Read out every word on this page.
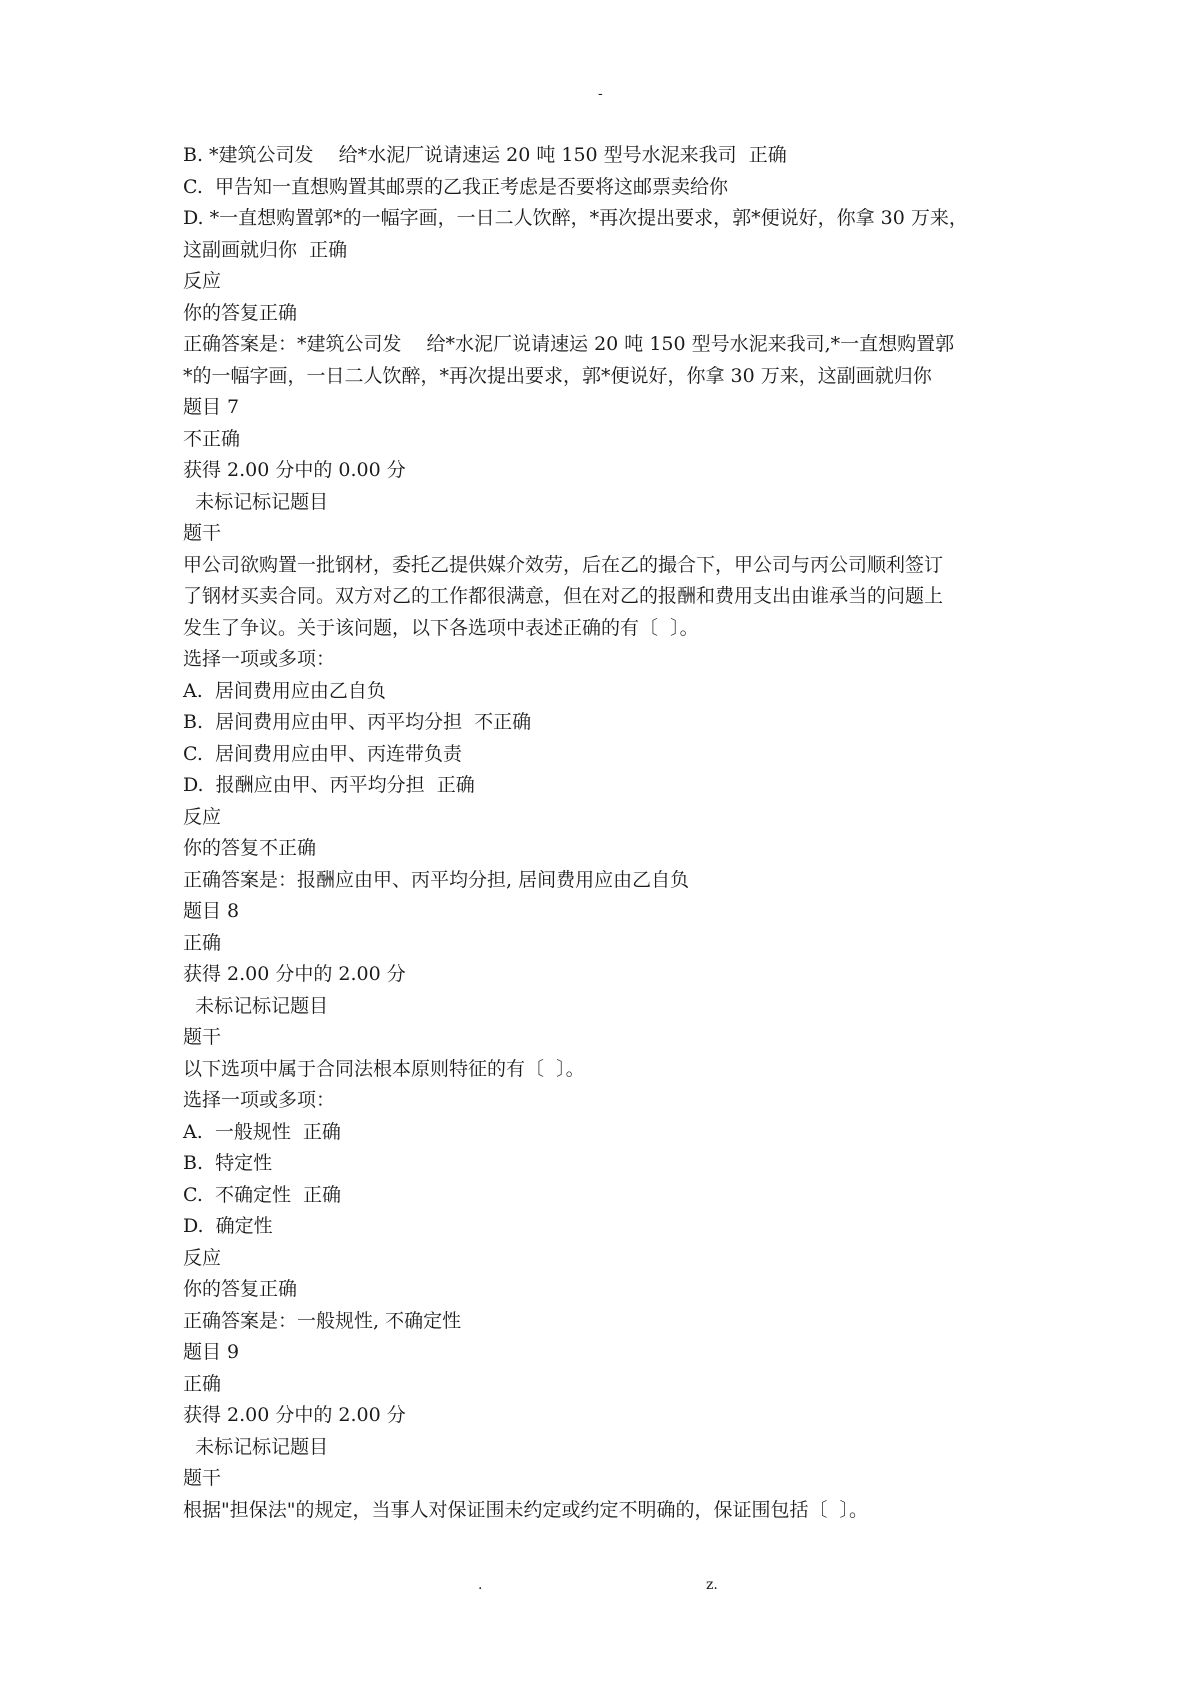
-

B. *建筑公司发　 给*水泥厂说请速运 20 吨 150 型号水泥来我司  正确

C.  甲告知一直想购置其邮票的乙我正考虑是否要将这邮票卖给你

D. *一直想购置郭*的一幅字画，一日二人饮醉，*再次提出要求，郭*便说好，你拿 30 万来，

这副画就归你  正确

反应

你的答复正确

正确答案是：*建筑公司发　 给*水泥厂说请速运 20 吨 150 型号水泥来我司,*一直想购置郭

*的一幅字画，一日二人饮醉，*再次提出要求，郭*便说好，你拿 30 万来，这副画就归你

题目 7

不正确

获得 2.00 分中的 0.00 分

未标记标记题目

题干

甲公司欲购置一批钢材，委托乙提供媒介效劳，后在乙的撮合下，甲公司与丙公司顺利签订

了钢材买卖合同。双方对乙的工作都很满意，但在对乙的报酬和费用支出由谁承当的问题上

发生了争议。关于该问题，以下各选项中表述正确的有〔  〕。

选择一项或多项：

A.  居间费用应由乙自负

B.  居间费用应由甲、丙平均分担  不正确

C.  居间费用应由甲、丙连带负责

D.  报酬应由甲、丙平均分担  正确

反应

你的答复不正确

正确答案是：报酬应由甲、丙平均分担, 居间费用应由乙自负

题目 8

正确

获得 2.00 分中的 2.00 分

未标记标记题目

题干

以下选项中属于合同法根本原则特征的有〔  〕。

选择一项或多项：

A.  一般规性  正确

B.  特定性

C.  不确定性  正确

D.  确定性

反应

你的答复正确

正确答案是：一般规性, 不确定性

题目 9

正确

获得 2.00 分中的 2.00 分

未标记标记题目

题干

根据"担保法"的规定，当事人对保证围未约定或约定不明确的，保证围包括〔  〕。

.	z.
